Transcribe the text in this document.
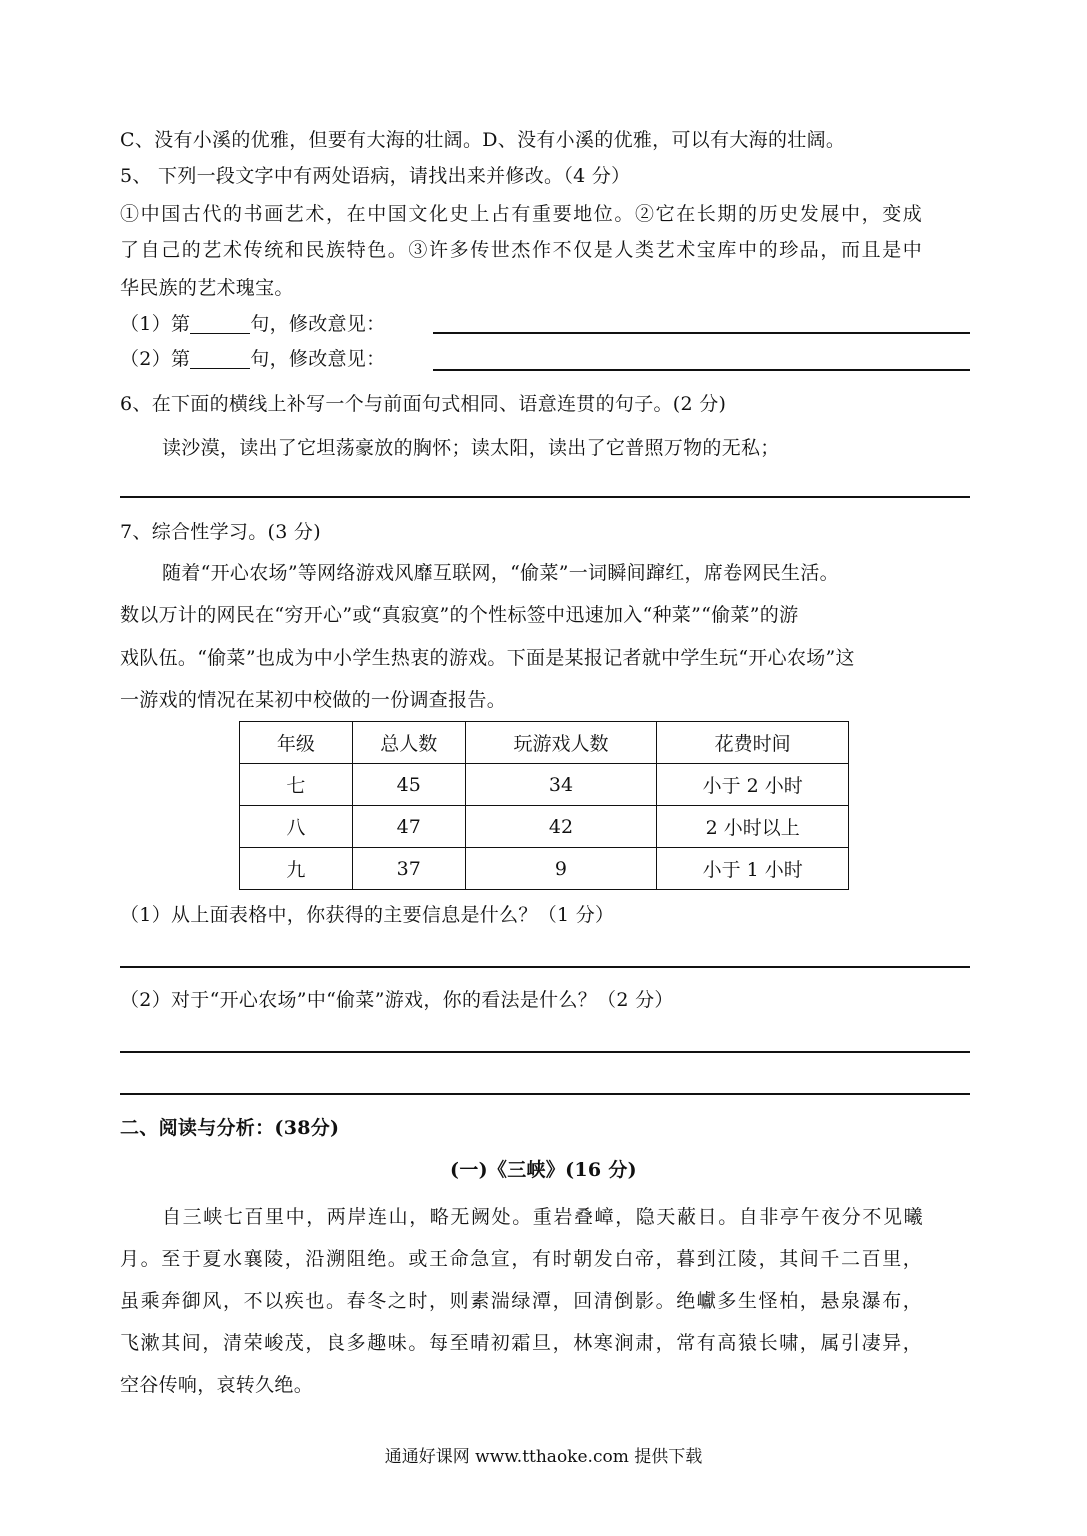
C、没有小溪的优雅，但要有大海的壮阔。D、没有小溪的优雅，可以有大海的壮阔。
5、 下列一段文字中有两处语病，请找出来并修改。（4 分）
①中国古代的书画艺术，在中国文化史上占有重要地位。②它在长期的历史发展中，变成
了自己的艺术传统和民族特色。③许多传世杰作不仅是人类艺术宝库中的珍品，而且是中
华民族的艺术瑰宝。
（1）第	句，修改意见：
（2）第	句，修改意见：
6、在下面的横线上补写一个与前面句式相同、语意连贯的句子。(2 分)
读沙漠，读出了它坦荡豪放的胸怀；读太阳，读出了它普照万物的无私；
7、综合性学习。(3 分)
随着“开心农场”等网络游戏风靡互联网，“偷菜”一词瞬间蹿红，席卷网民生活。
数以万计的网民在“穷开心”或“真寂寞”的个性标签中迅速加入“种菜”“偷菜”的游
戏队伍。“偷菜”也成为中小学生热衷的游戏。下面是某报记者就中学生玩“开心农场”这
一游戏的情况在某初中校做的一份调查报告。
年级	总人数	玩游戏人数	花费时间
七	45	34	小于 2 小时
八	47	42	2 小时以上
九	37	9	小于 1 小时
（1）从上面表格中，你获得的主要信息是什么？（1 分）
（2）对于“开心农场”中“偷菜”游戏，你的看法是什么？（2 分）
二、阅读与分析：(38分)
(一)《三峡》(16 分)
自三峡七百里中，两岸连山，略无阙处。重岩叠嶂，隐天蔽日。自非亭午夜分不见曦
月。至于夏水襄陵，沿溯阻绝。或王命急宣，有时朝发白帝，暮到江陵，其间千二百里，
虽乘奔御风，不以疾也。春冬之时，则素湍绿潭，回清倒影。绝巘多生怪柏，悬泉瀑布，
飞漱其间，清荣峻茂，良多趣味。每至晴初霜旦，林寒涧肃，常有高猿长啸，属引凄异，
空谷传响，哀转久绝。
通通好课网 www.tthaoke.com 提供下载
